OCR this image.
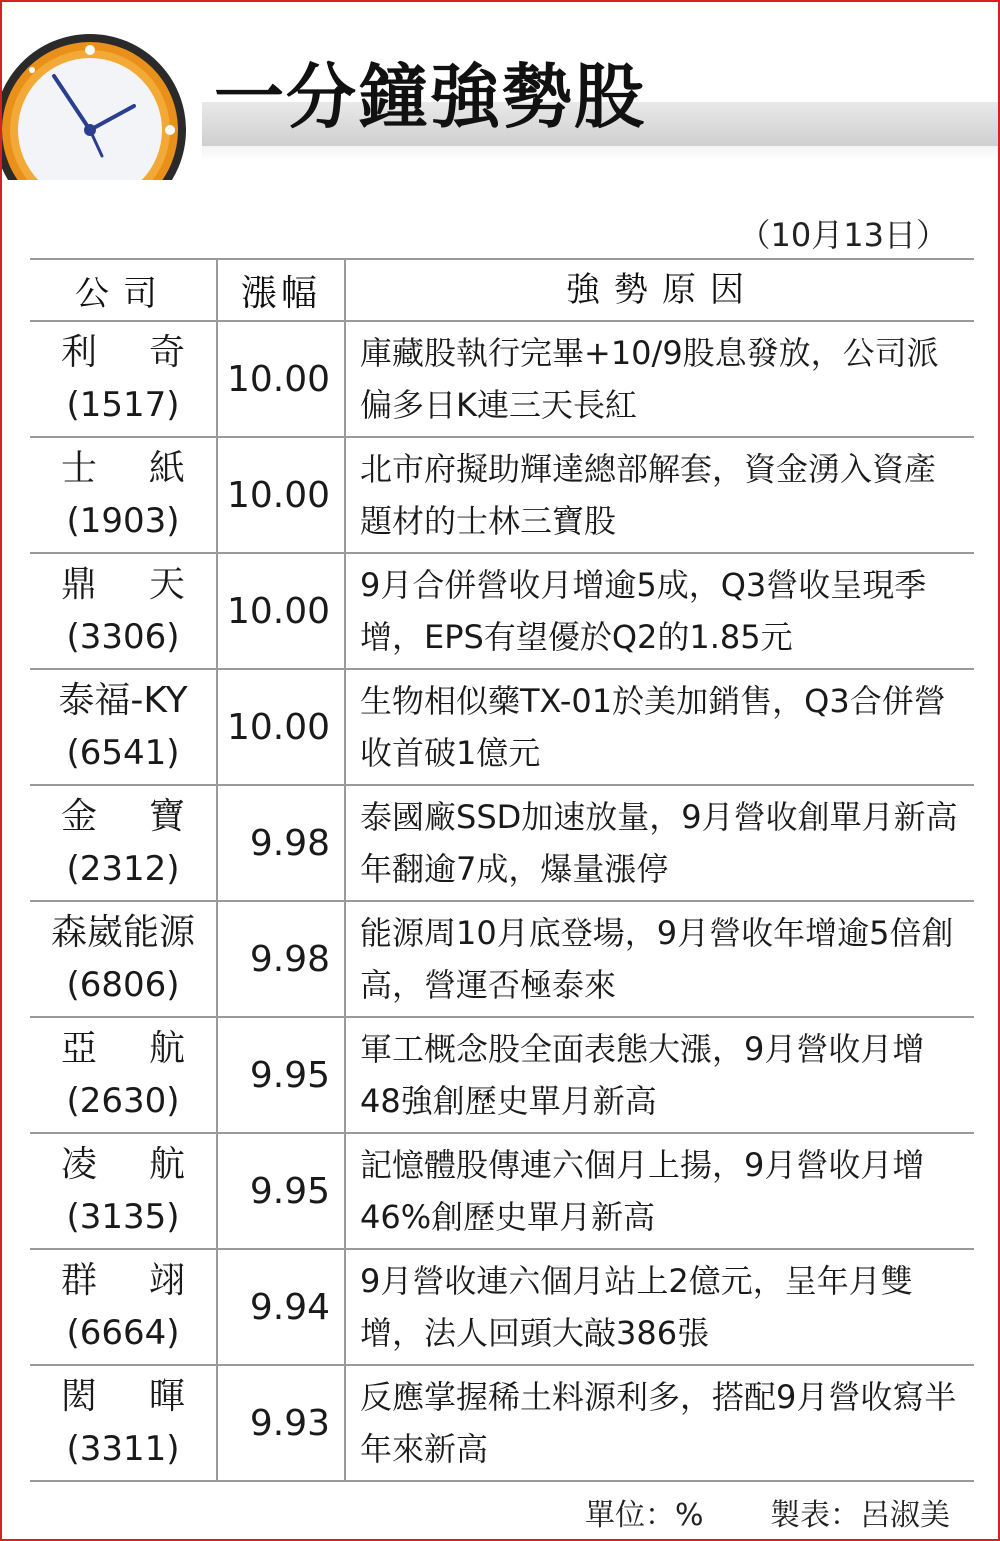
一分鐘強勢股
（10月13日）
公司	漲幅	強勢原因

利奇
(1517)	10.00	庫藏股執行完畢+10/9股息發放，公司派偏多日K連三天長紅

士紙
(1903)	10.00	北市府擬助輝達總部解套，資金湧入資產題材的士林三寶股

鼎天
(3306)	10.00	9月合併營收月增逾5成，Q3營收呈現季增，EPS有望優於Q2的1.85元

泰福-KY
(6541)	10.00	生物相似藥TX-01於美加銷售，Q3合併營收首破1億元

金寶
(2312)	9.98	泰國廠SSD加速放量，9月營收創單月新高年翻逾7成，爆量漲停

森崴能源
(6806)	9.98	能源周10月底登場，9月營收年增逾5倍創高，營運否極泰來

亞航
(2630)	9.95	軍工概念股全面表態大漲，9月營收月增48強創歷史單月新高

凌航
(3135)	9.95	記憶體股傳連六個月上揚，9月營收月增46%創歷史單月新高

群翊
(6664)	9.94	9月營收連六個月站上2億元，呈年月雙增，法人回頭大敲386張

閎暉
(3311)	9.93	反應掌握稀土料源利多，搭配9月營收寫半年來新高
單位：% 製表：呂淑美
